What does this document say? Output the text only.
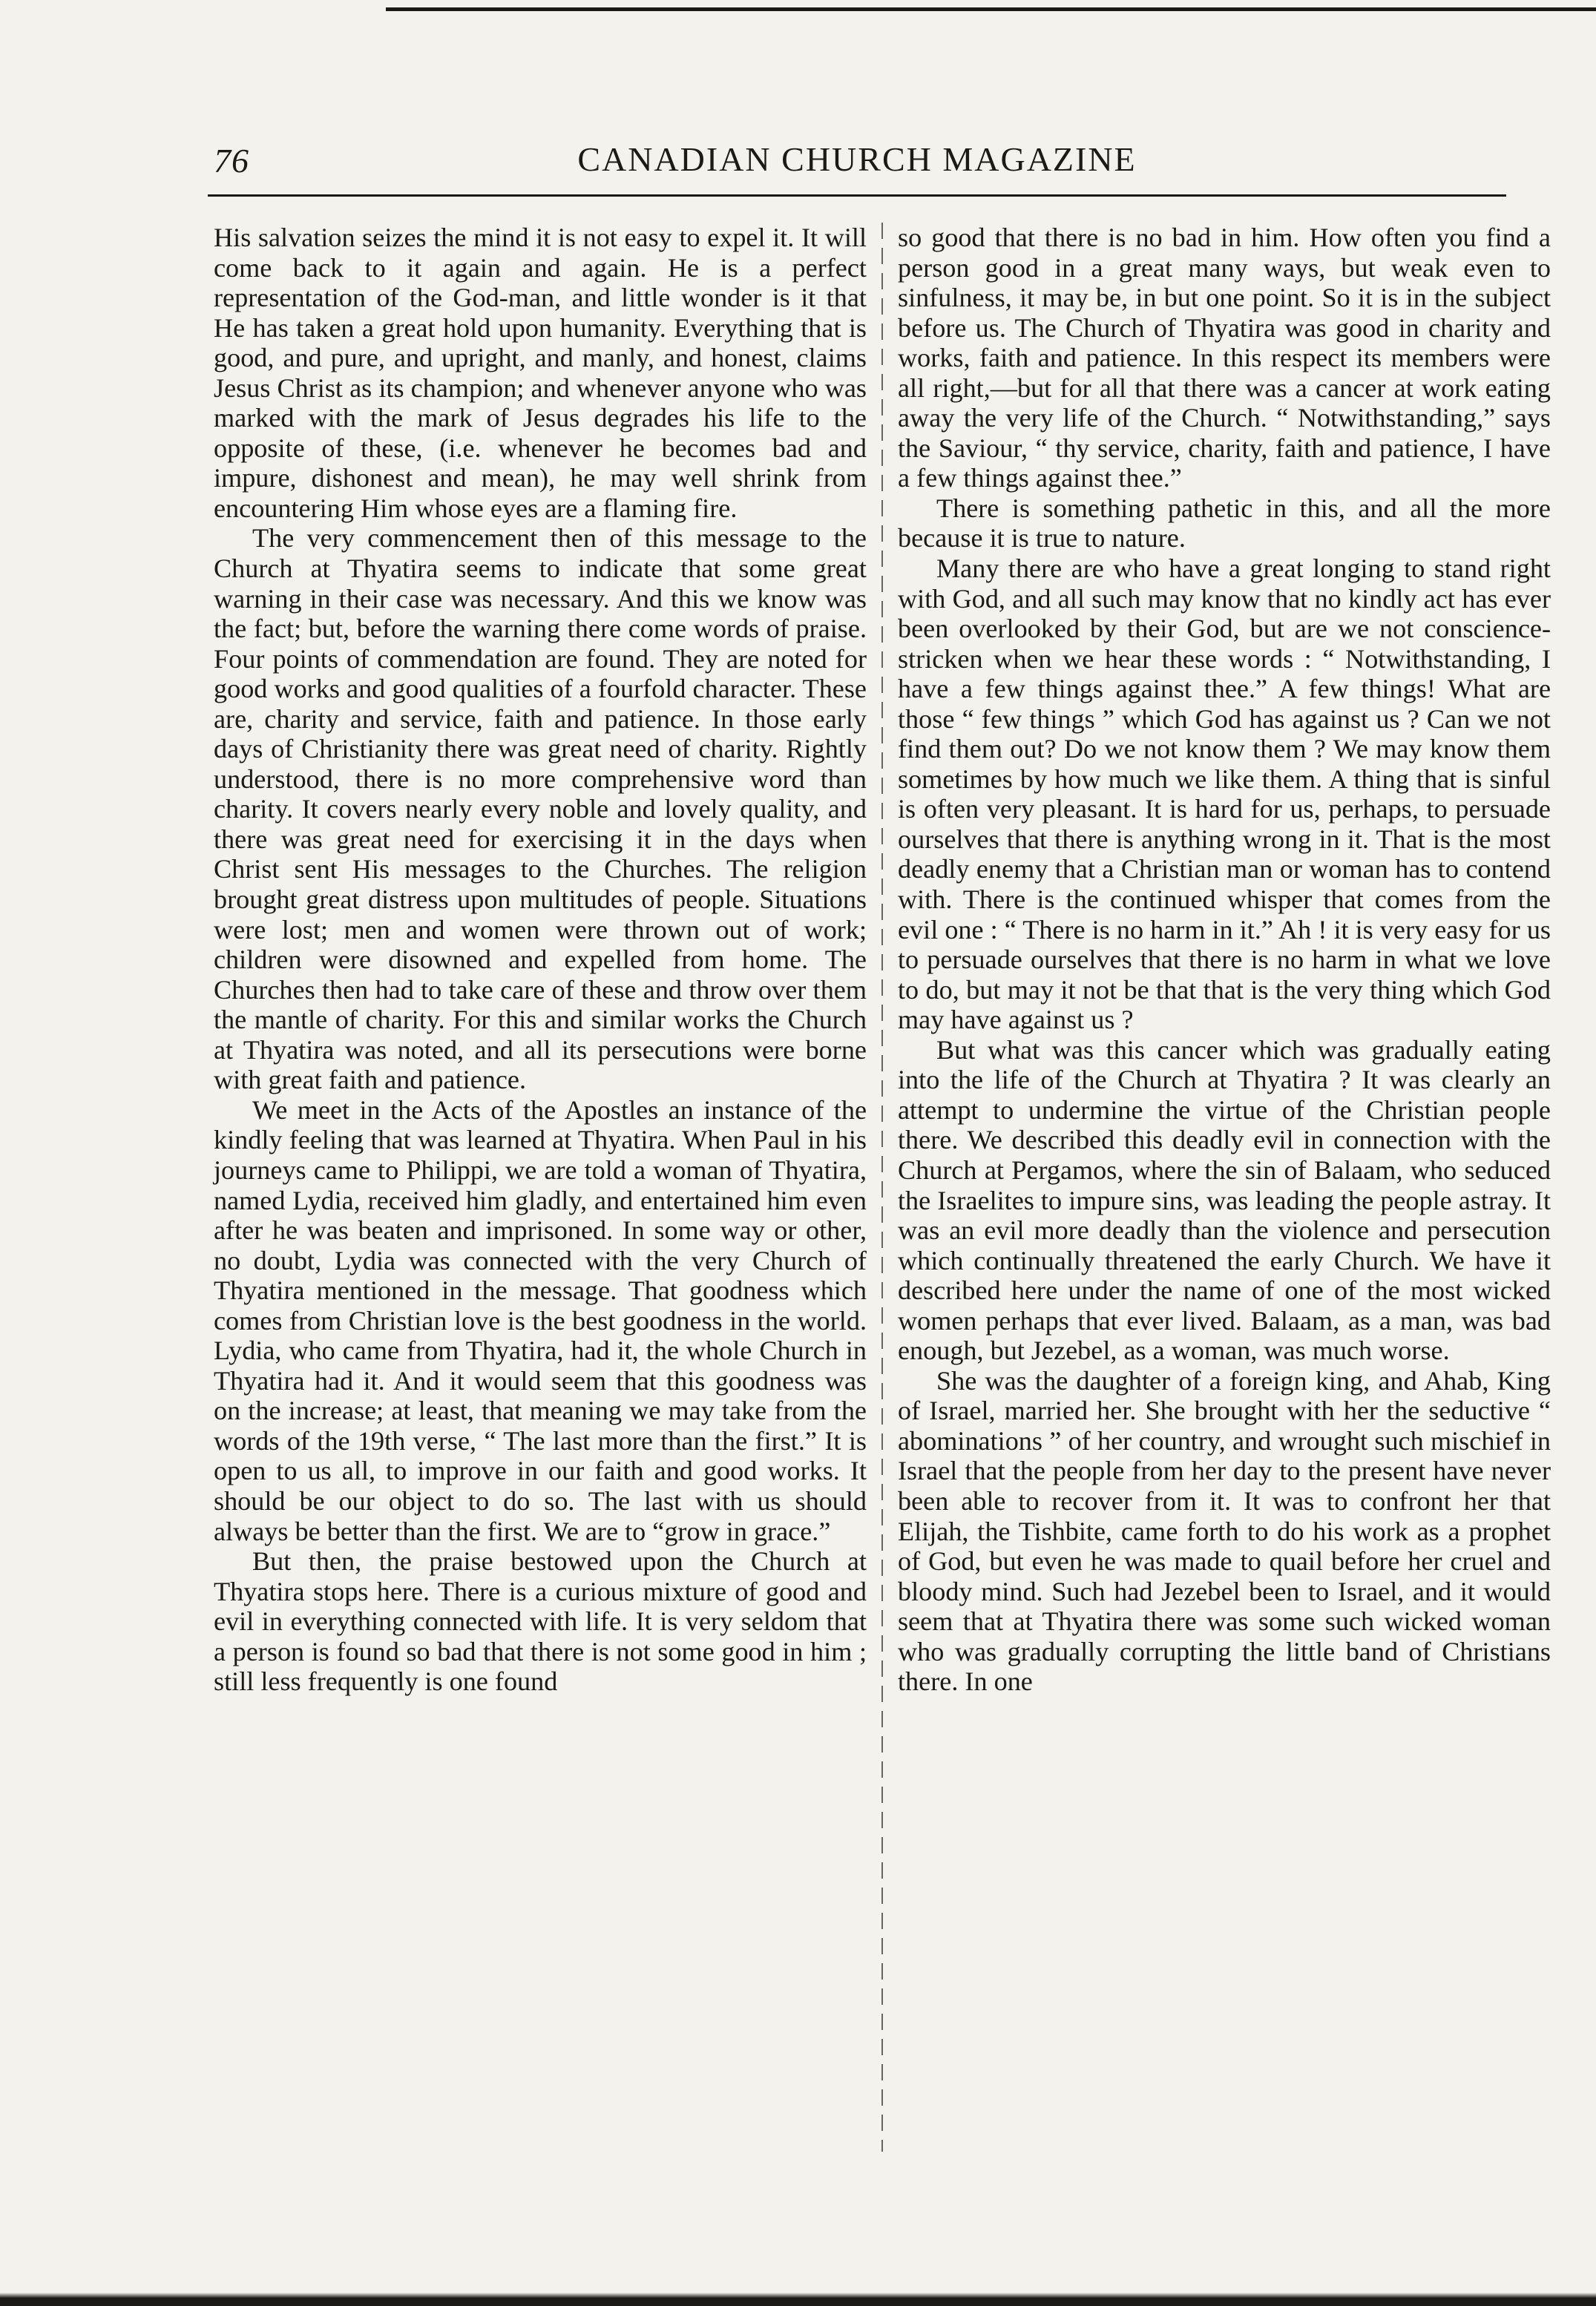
76	CANADIAN CHURCH MAGAZINE

His salvation seizes the mind it is not easy to expel it. It will come back to it again and again. He is a perfect representation of the God-man, and little wonder is it that He has taken a great hold upon humanity. Everything that is good, and pure, and upright, and manly, and honest, claims Jesus Christ as its champion; and whenever anyone who was marked with the mark of Jesus degrades his life to the opposite of these, (i.e. whenever he becomes bad and impure, dishonest and mean), he may well shrink from encountering Him whose eyes are a flaming fire.

The very commencement then of this message to the Church at Thyatira seems to indicate that some great warning in their case was necessary. And this we know was the fact; but, before the warning there come words of praise. Four points of commendation are found. They are noted for good works and good qualities of a fourfold character. These are, charity and service, faith and patience. In those early days of Christianity there was great need of charity. Rightly understood, there is no more comprehensive word than charity. It covers nearly every noble and lovely quality, and there was great need for exercising it in the days when Christ sent His messages to the Churches. The religion brought great distress upon multitudes of people. Situations were lost; men and women were thrown out of work; children were disowned and expelled from home. The Churches then had to take care of these and throw over them the mantle of charity. For this and similar works the Church at Thyatira was noted, and all its persecutions were borne with great faith and patience.

We meet in the Acts of the Apostles an instance of the kindly feeling that was learned at Thyatira. When Paul in his journeys came to Philippi, we are told a woman of Thyatira, named Lydia, received him gladly, and entertained him even after he was beaten and imprisoned. In some way or other, no doubt, Lydia was connected with the very Church of Thyatira mentioned in the message. That goodness which comes from Christian love is the best goodness in the world. Lydia, who came from Thyatira, had it, the whole Church in Thyatira had it. And it would seem that this goodness was on the increase; at least, that meaning we may take from the words of the 19th verse, “ The last more than the first.” It is open to us all, to improve in our faith and good works. It should be our object to do so. The last with us should always be better than the first. We are to “grow in grace.”

But then, the praise bestowed upon the Church at Thyatira stops here. There is a curious mixture of good and evil in everything connected with life. It is very seldom that a person is found so bad that there is not some good in him ; still less frequently is one found

so good that there is no bad in him. How often you find a person good in a great many ways, but weak even to sinfulness, it may be, in but one point. So it is in the subject before us. The Church of Thyatira was good in charity and works, faith and patience. In this respect its members were all right,—but for all that there was a cancer at work eating away the very life of the Church. “ Notwithstanding,” says the Saviour, “ thy service, charity, faith and patience, I have a few things against thee.”

There is something pathetic in this, and all the more because it is true to nature.

Many there are who have a great longing to stand right with God, and all such may know that no kindly act has ever been overlooked by their God, but are we not conscience-stricken when we hear these words : “ Notwithstanding, I have a few things against thee.” A few things! What are those “ few things ” which God has against us ? Can we not find them out? Do we not know them ? We may know them sometimes by how much we like them. A thing that is sinful is often very pleasant. It is hard for us, perhaps, to persuade ourselves that there is anything wrong in it. That is the most deadly enemy that a Christian man or woman has to contend with. There is the continued whisper that comes from the evil one : “ There is no harm in it.” Ah ! it is very easy for us to persuade ourselves that there is no harm in what we love to do, but may it not be that that is the very thing which God may have against us ?

But what was this cancer which was gradually eating into the life of the Church at Thyatira ? It was clearly an attempt to undermine the virtue of the Christian people there. We described this deadly evil in connection with the Church at Pergamos, where the sin of Balaam, who seduced the Israelites to impure sins, was leading the people astray. It was an evil more deadly than the violence and persecution which continually threatened the early Church. We have it described here under the name of one of the most wicked women perhaps that ever lived. Balaam, as a man, was bad enough, but Jezebel, as a woman, was much worse.

She was the daughter of a foreign king, and Ahab, King of Israel, married her. She brought with her the seductive “ abominations ” of her country, and wrought such mischief in Israel that the people from her day to the present have never been able to recover from it. It was to confront her that Elijah, the Tishbite, came forth to do his work as a prophet of God, but even he was made to quail before her cruel and bloody mind. Such had Jezebel been to Israel, and it would seem that at Thyatira there was some such wicked woman who was gradually corrupting the little band of Christians there. In one
